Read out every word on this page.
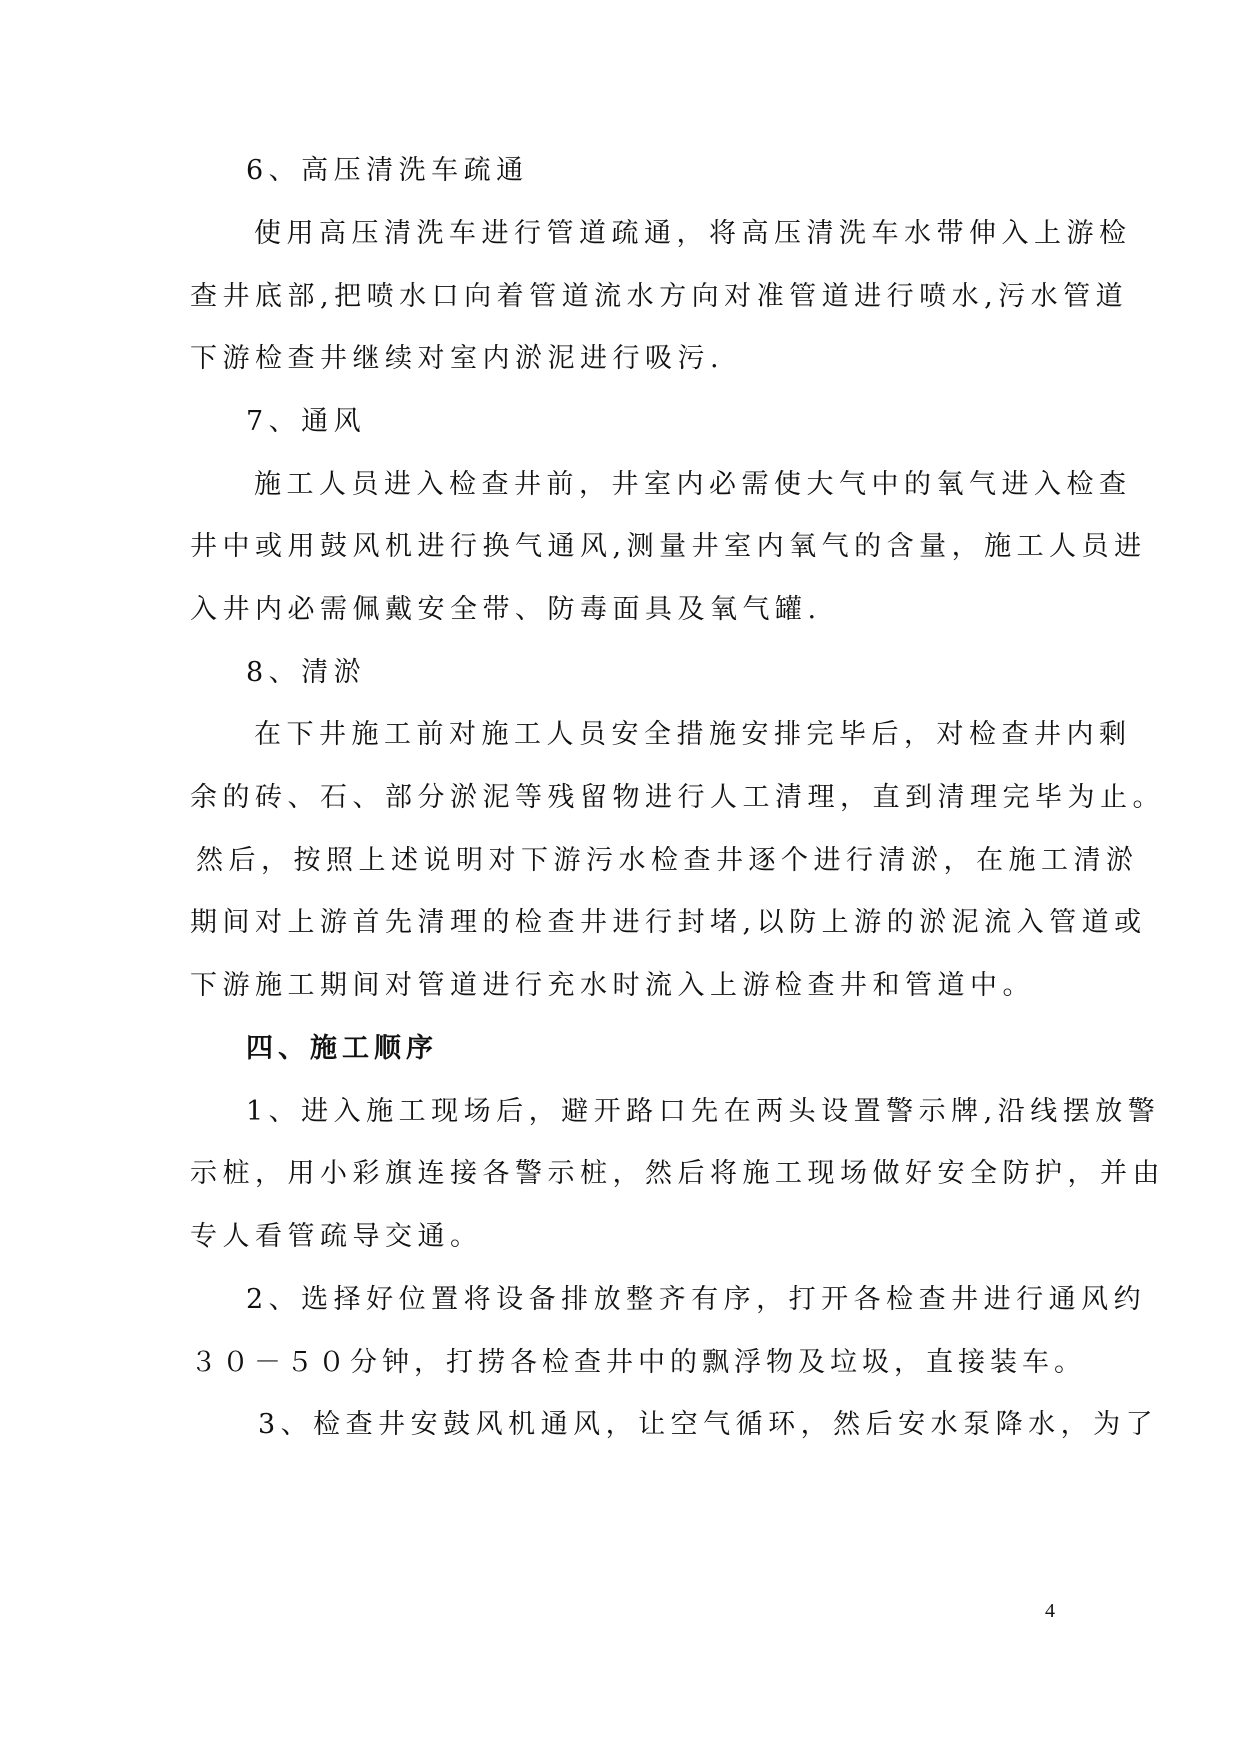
6、高压清洗车疏通
使用高压清洗车进行管道疏通，将高压清洗车水带伸入上游检
查井底部,把喷水口向着管道流水方向对准管道进行喷水,污水管道
下游检查井继续对室内淤泥进行吸污.
7、通风
施工人员进入检查井前，井室内必需使大气中的氧气进入检查
井中或用鼓风机进行换气通风,测量井室内氧气的含量，施工人员进
入井内必需佩戴安全带、防毒面具及氧气罐.
8、清淤
在下井施工前对施工人员安全措施安排完毕后，对检查井内剩
余的砖、石、部分淤泥等残留物进行人工清理，直到清理完毕为止。
然后，按照上述说明对下游污水检查井逐个进行清淤，在施工清淤
期间对上游首先清理的检查井进行封堵,以防上游的淤泥流入管道或
下游施工期间对管道进行充水时流入上游检查井和管道中。
四、施工顺序
1、进入施工现场后，避开路口先在两头设置警示牌,沿线摆放警
示桩，用小彩旗连接各警示桩，然后将施工现场做好安全防护，并由
专人看管疏导交通。
2、选择好位置将设备排放整齐有序，打开各检查井进行通风约
３０－５０分钟，打捞各检查井中的飘浮物及垃圾，直接装车。
3、检查井安鼓风机通风，让空气循环，然后安水泵降水，为了
4
